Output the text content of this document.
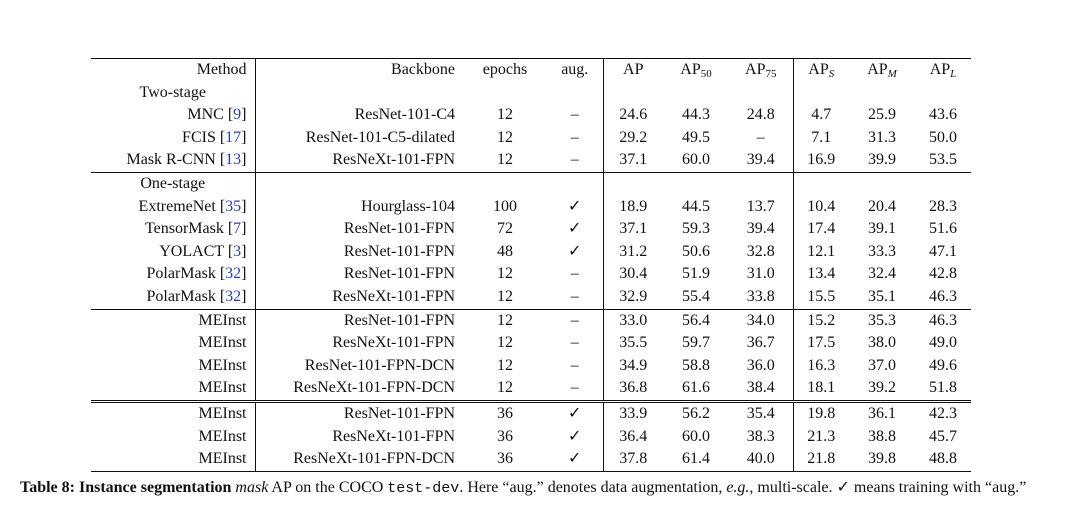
Method	Backbone	epochs	aug.	AP	$AP_{50}$	$AP_{75}$	$AP_S$	$AP_M$	$AP_L$
Two-stage									
MNC [9]	ResNet-101-C4	12	–	24.6	44.3	24.8	4.7	25.9	43.6
FCIS [17]	ResNet-101-C5-dilated	12	–	29.2	49.5	–	7.1	31.3	50.0
Mask R-CNN [13]	ResNeXt-101-FPN	12	–	37.1	60.0	39.4	16.9	39.9	53.5
One-stage									
ExtremeNet [35]	Hourglass-104	100	✓	18.9	44.5	13.7	10.4	20.4	28.3
TensorMask [7]	ResNet-101-FPN	72	✓	37.1	59.3	39.4	17.4	39.1	51.6
YOLACT [3]	ResNet-101-FPN	48	✓	31.2	50.6	32.8	12.1	33.3	47.1
PolarMask [32]	ResNet-101-FPN	12	–	30.4	51.9	31.0	13.4	32.4	42.8
PolarMask [32]	ResNeXt-101-FPN	12	–	32.9	55.4	33.8	15.5	35.1	46.3
MEInst	ResNet-101-FPN	12	–	33.0	56.4	34.0	15.2	35.3	46.3
MEInst	ResNeXt-101-FPN	12	–	35.5	59.7	36.7	17.5	38.0	49.0
MEInst	ResNet-101-FPN-DCN	12	–	34.9	58.8	36.0	16.3	37.0	49.6
MEInst	ResNeXt-101-FPN-DCN	12	–	36.8	61.6	38.4	18.1	39.2	51.8
MEInst	ResNet-101-FPN	36	✓	33.9	56.2	35.4	19.8	36.1	42.3
MEInst	ResNeXt-101-FPN	36	✓	36.4	60.0	38.3	21.3	38.8	45.7
MEInst	ResNeXt-101-FPN-DCN	36	✓	37.8	61.4	40.0	21.8	39.8	48.8
Table 8: Instance segmentation mask AP on the COCO test-dev. Here “aug.” denotes data augmentation, e.g., multi-scale. ✓ means training with “aug.”
